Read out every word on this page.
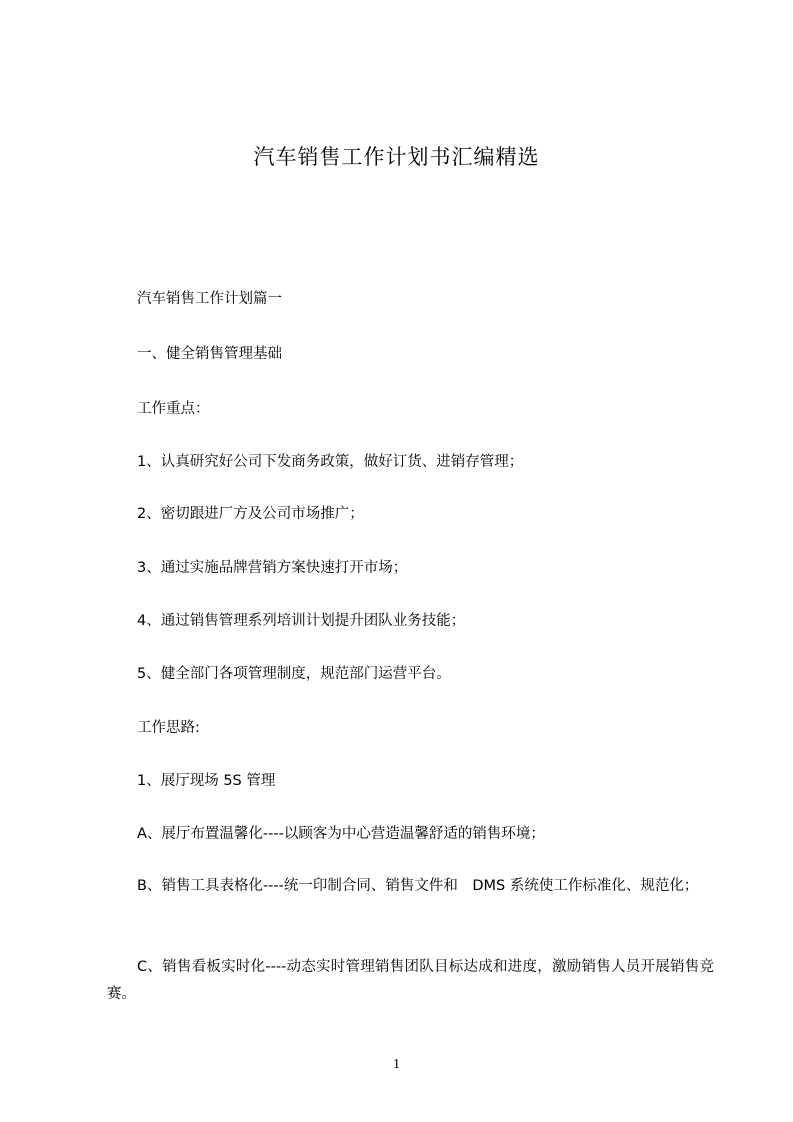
汽车销售工作计划书汇编精选
汽车销售工作计划篇一
一、健全销售管理基础
工作重点：
1、认真研究好公司下发商务政策，做好订货、进销存管理；
2、密切跟进厂方及公司市场推广；
3、通过实施品牌营销方案快速打开市场；
4、通过销售管理系列培训计划提升团队业务技能；
5、健全部门各项管理制度，规范部门运营平台。
工作思路:
1、展厅现场 5S 管理
A、展厅布置温馨化----以顾客为中心营造温馨舒适的销售环境；
B、销售工具表格化----统一印制合同、销售文件和　DMS 系统使工作标准化、规范化；
C、销售看板实时化----动态实时管理销售团队目标达成和进度，激励销售人员开展销售竞赛。
1
